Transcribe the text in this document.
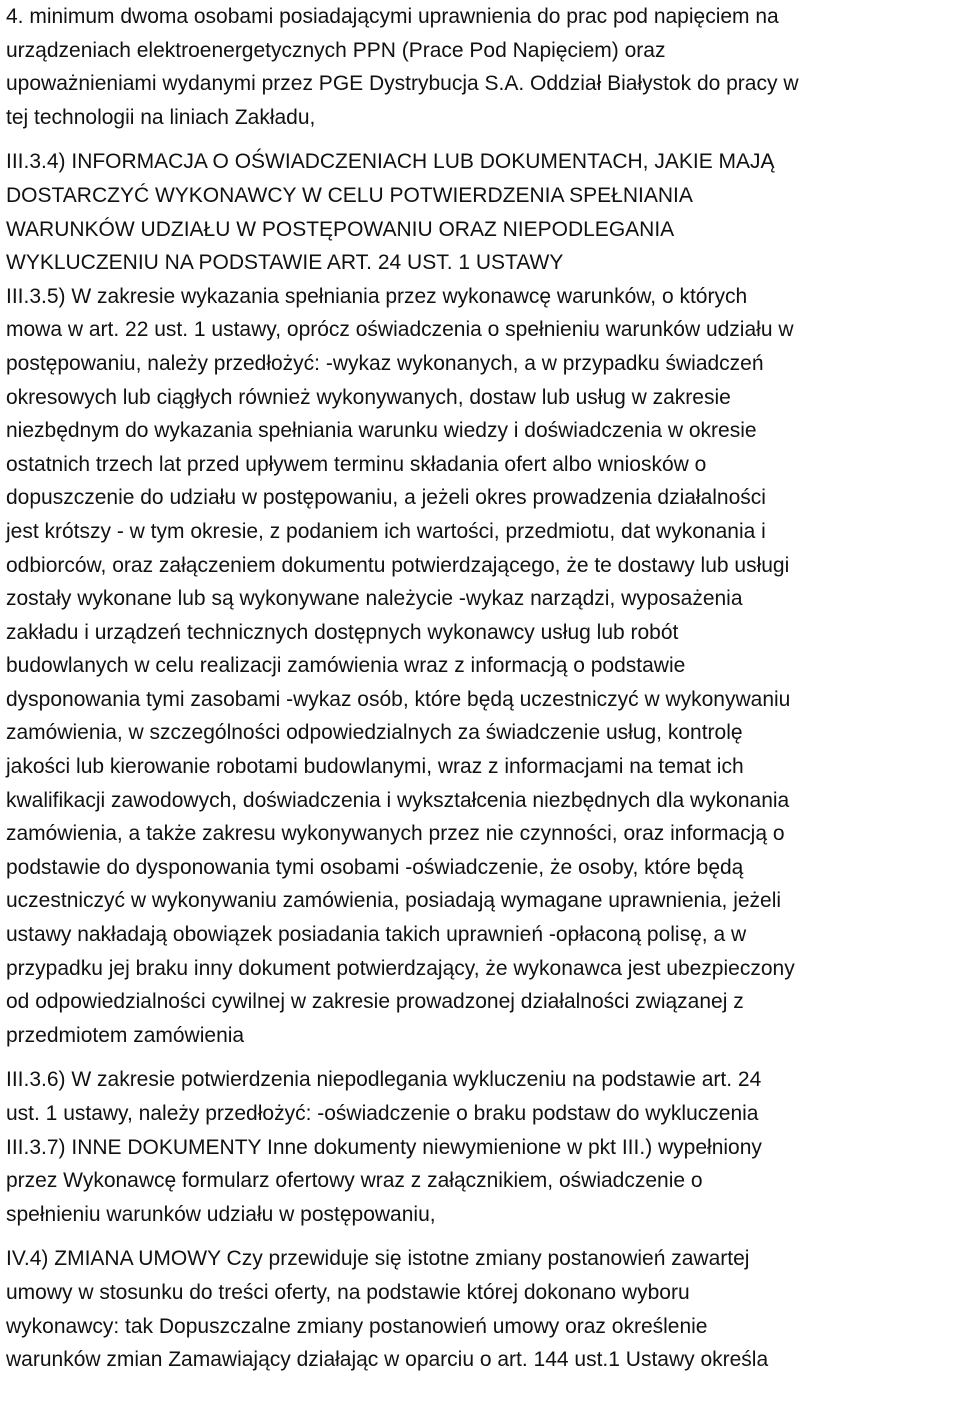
4. minimum dwoma osobami posiadającymi uprawnienia do prac pod napięciem na
urządzeniach elektroenergetycznych PPN (Prace Pod Napięciem) oraz
upoważnieniami wydanymi przez PGE Dystrybucja S.A. Oddział Białystok do pracy w
tej technologii na liniach Zakładu,
III.3.4) INFORMACJA O OŚWIADCZENIACH LUB DOKUMENTACH, JAKIE MAJĄ
DOSTARCZYĆ WYKONAWCY W CELU POTWIERDZENIA SPEŁNIANIA
WARUNKÓW UDZIAŁU W POSTĘPOWANIU ORAZ NIEPODLEGANIA
WYKLUCZENIU NA PODSTAWIE ART. 24 UST. 1 USTAWY
III.3.5) W zakresie wykazania spełniania przez wykonawcę warunków, o których
mowa w art. 22 ust. 1 ustawy, oprócz oświadczenia o spełnieniu warunków udziału w
postępowaniu, należy przedłożyć: -wykaz wykonanych, a w przypadku świadczeń
okresowych lub ciągłych również wykonywanych, dostaw lub usług w zakresie
niezbędnym do wykazania spełniania warunku wiedzy i doświadczenia w okresie
ostatnich trzech lat przed upływem terminu składania ofert albo wniosków o
dopuszczenie do udziału w postępowaniu, a jeżeli okres prowadzenia działalności
jest krótszy - w tym okresie, z podaniem ich wartości, przedmiotu, dat wykonania i
odbiorców, oraz załączeniem dokumentu potwierdzającego, że te dostawy lub usługi
zostały wykonane lub są wykonywane należycie -wykaz narządzi, wyposażenia
zakładu i urządzeń technicznych dostępnych wykonawcy usług lub robót
budowlanych w celu realizacji zamówienia wraz z informacją o podstawie
dysponowania tymi zasobami -wykaz osób, które będą uczestniczyć w wykonywaniu
zamówienia, w szczególności odpowiedzialnych za świadczenie usług, kontrolę
jakości lub kierowanie robotami budowlanymi, wraz z informacjami na temat ich
kwalifikacji zawodowych, doświadczenia i wykształcenia niezbędnych dla wykonania
zamówienia, a także zakresu wykonywanych przez nie czynności, oraz informacją o
podstawie do dysponowania tymi osobami -oświadczenie, że osoby, które będą
uczestniczyć w wykonywaniu zamówienia, posiadają wymagane uprawnienia, jeżeli
ustawy nakładają obowiązek posiadania takich uprawnień -opłaconą polisę, a w
przypadku jej braku inny dokument potwierdzający, że wykonawca jest ubezpieczony
od odpowiedzialności cywilnej w zakresie prowadzonej działalności związanej z
przedmiotem zamówienia
III.3.6) W zakresie potwierdzenia niepodlegania wykluczeniu na podstawie art. 24
ust. 1 ustawy, należy przedłożyć: -oświadczenie o braku podstaw do wykluczenia
III.3.7) INNE DOKUMENTY Inne dokumenty niewymienione w pkt III.) wypełniony
przez Wykonawcę formularz ofertowy wraz z załącznikiem, oświadczenie o
spełnieniu warunków udziału w postępowaniu,
IV.4) ZMIANA UMOWY Czy przewiduje się istotne zmiany postanowień zawartej
umowy w stosunku do treści oferty, na podstawie której dokonano wyboru
wykonawcy: tak Dopuszczalne zmiany postanowień umowy oraz określenie
warunków zmian Zamawiający działając w oparciu o art. 144 ust.1 Ustawy określa
